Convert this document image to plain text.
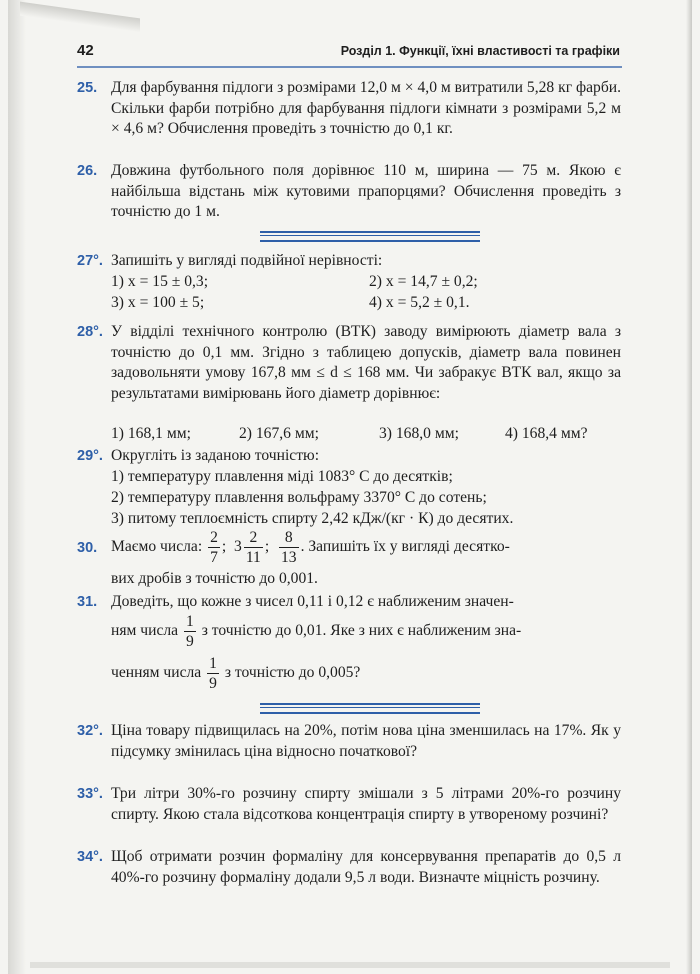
42	Розділ 1. Функції, їхні властивості та графіки
25. Для фарбування підлоги з розмірами 12,0 м × 4,0 м витратили 5,28 кг фарби. Скільки фарби потрібно для фарбування підлоги кімнати з розмірами 5,2 м × 4,6 м? Обчислення проведіть з точністю до 0,1 кг.
26. Довжина футбольного поля дорівнює 110 м, ширина — 75 м. Якою є найбільша відстань між кутовими прапорцями? Обчислення проведіть з точністю до 1 м.
27°. Запишіть у вигляді подвійної нерівності:
1) x = 15 ± 0,3;	2) x = 14,7 ± 0,2;
3) x = 100 ± 5;	4) x = 5,2 ± 0,1.
28°. У відділі технічного контролю (ВТК) заводу вимірюють діаметр вала з точністю до 0,1 мм. Згідно з таблицею допусків, діаметр вала повинен задовольняти умову 167,8 мм ≤ d ≤ 168 мм. Чи забракує ВТК вал, якщо за результатами вимірювань його діаметр дорівнює:
1) 168,1 мм;	2) 167,6 мм;	3) 168,0 мм;	4) 168,4 мм?
29°. Округліть із заданою точністю:
1) температуру плавлення міді 1083° С до десятків;
2) температуру плавлення вольфраму 3370° С до сотень;
3) питому теплоємність спирту 2,42 кДж/(кг · К) до десятих.
30. Маємо числа: $\frac{2}{7}$ ;  $3 \frac{2}{11}$ ; $\frac{8}{13}$ . Запишіть їх у вигляді десятко-
вих дробів з точністю до 0,001.
31. Доведіть, що кожне з чисел 0,11 і 0,12 є наближеним значен-
ням числа $\frac{1}{9}$ з точністю до 0,01. Яке з них є наближеним зна-
ченням числа $\frac{1}{9}$ з точністю до 0,005?
32°. Ціна товару підвищилась на 20%, потім нова ціна зменшилась на 17%. Як у підсумку змінилась ціна відносно початкової?
33°. Три літри 30%-го розчину спирту змішали з 5 літрами 20%-го розчину спирту. Якою стала відсоткова концентрація спирту в утвореному розчині?
34°. Щоб отримати розчин формаліну для консервування препаратів до 0,5 л 40%-го розчину формаліну додали 9,5 л води. Визначте міцність розчину.
